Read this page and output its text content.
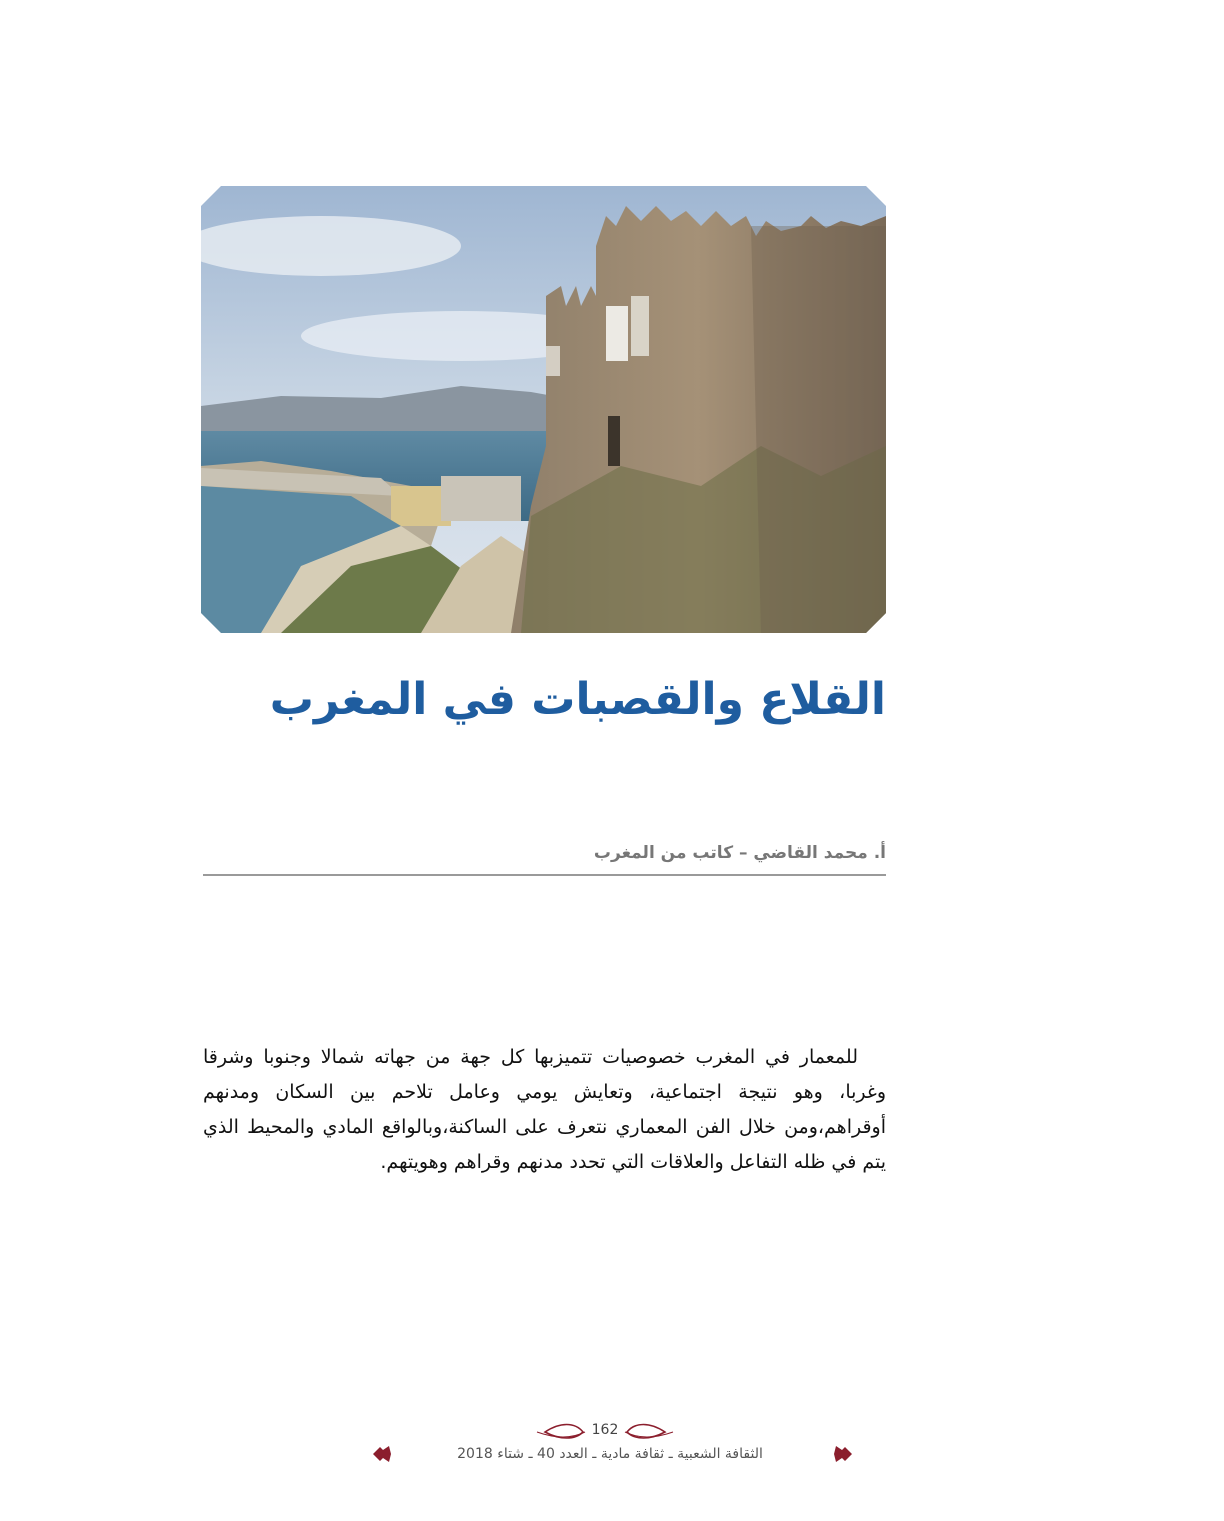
القلاع والقصبات في المغرب
أ. محمد القاضي – كاتب من المغرب

للمعمار في المغرب خصوصيات تتميزبها كل جهة من جهاته شمالا وجنوبا وشرقا وغربا، وهو نتيجة اجتماعية، وتعايش يومي وعامل تلاحم بين السكان ومدنهم أوقراهم،ومن خلال الفن المعماري نتعرف على الساكنة،وبالواقع المادي والمحيط الذي يتم في ظله التفاعل والعلاقات التي تحدد مدنهم وقراهم وهويتهم.

162
الثقافة الشعبية ـ ثقافة مادية ـ العدد 40 ـ شتاء 2018
